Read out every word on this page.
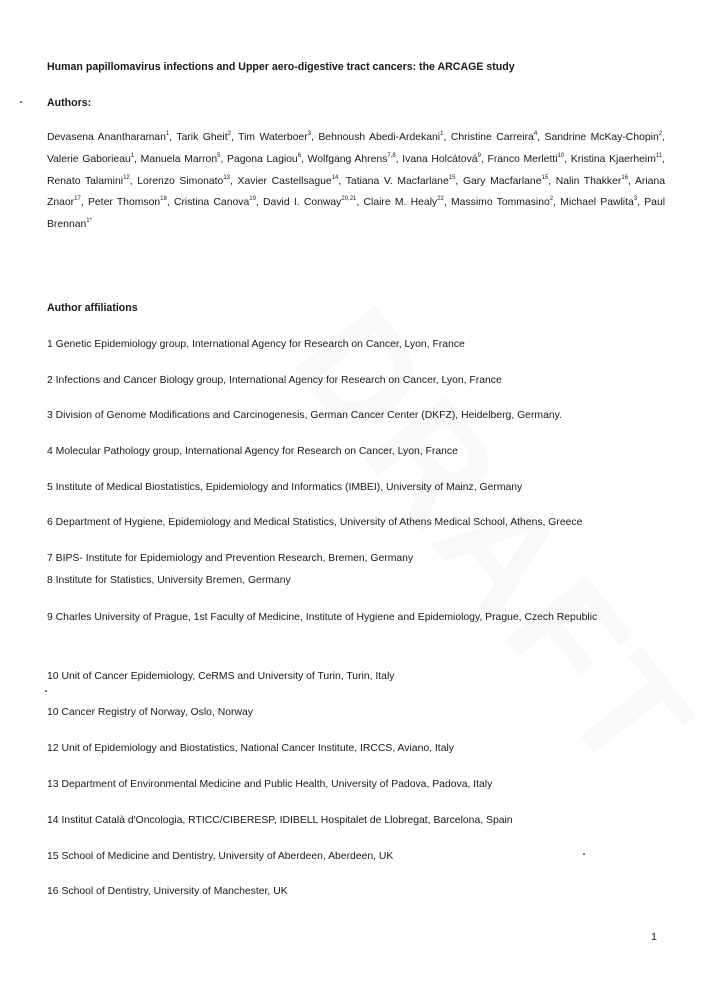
Human papillomavirus infections and Upper aero-digestive tract cancers: the ARCAGE study

Authors:

Devasena Anantharaman$^1$, Tarik Gheit$^2$, Tim Waterboer$^3$, Behnoush Abedi-Ardekani$^1$, Christine Carreira$^4$, Sandrine McKay-Chopin$^2$, Valerie Gaborieau$^1$, Manuela Marron$^5$, Pagona Lagiou$^6$, Wolfgang Ahrens$^{7,8}$, Ivana Holcátová$^9$, Franco Merletti$^{10}$, Kristina Kjaerheim$^{11}$, Renato Talamini$^{12}$, Lorenzo Simonato$^{13}$, Xavier Castellsague$^{14}$, Tatiana V. Macfarlane$^{15}$, Gary Macfarlane$^{15}$, Nalin Thakker$^{16}$, Ariana Znaor$^{17}$, Peter Thomson$^{18}$, Cristina Canova$^{19}$, David I. Conway$^{20,21}$, Claire M. Healy$^{22}$, Massimo Tommasino$^2$, Michael Pawlita$^3$, Paul Brennan$^{1*}$

Author affiliations

1 Genetic Epidemiology group, International Agency for Research on Cancer, Lyon, France

2 Infections and Cancer Biology group, International Agency for Research on Cancer, Lyon, France

3 Division of Genome Modifications and Carcinogenesis, German Cancer Center (DKFZ), Heidelberg, Germany.

4 Molecular Pathology group, International Agency for Research on Cancer, Lyon, France

5 Institute of Medical Biostatistics, Epidemiology and Informatics (IMBEI), University of Mainz, Germany

6 Department of Hygiene, Epidemiology and Medical Statistics, University of Athens Medical School, Athens, Greece

7 BIPS- Institute for Epidemiology and Prevention Research, Bremen, Germany

8 Institute for Statistics, University Bremen, Germany

9 Charles University of Prague, 1st Faculty of Medicine, Institute of Hygiene and Epidemiology, Prague, Czech Republic

10 Unit of Cancer Epidemiology, CeRMS and University of Turin, Turin, Italy

10 Cancer Registry of Norway, Oslo, Norway

12 Unit of Epidemiology and Biostatistics, National Cancer Institute, IRCCS, Aviano, Italy

13 Department of Environmental Medicine and Public Health, University of Padova, Padova, Italy

14 Institut Català d'Oncologia, RTICC/CIBERESP, IDIBELL Hospitalet de Llobregat, Barcelona, Spain

15 School of Medicine and Dentistry, University of Aberdeen, Aberdeen, UK

16 School of Dentistry, University of Manchester, UK

1
